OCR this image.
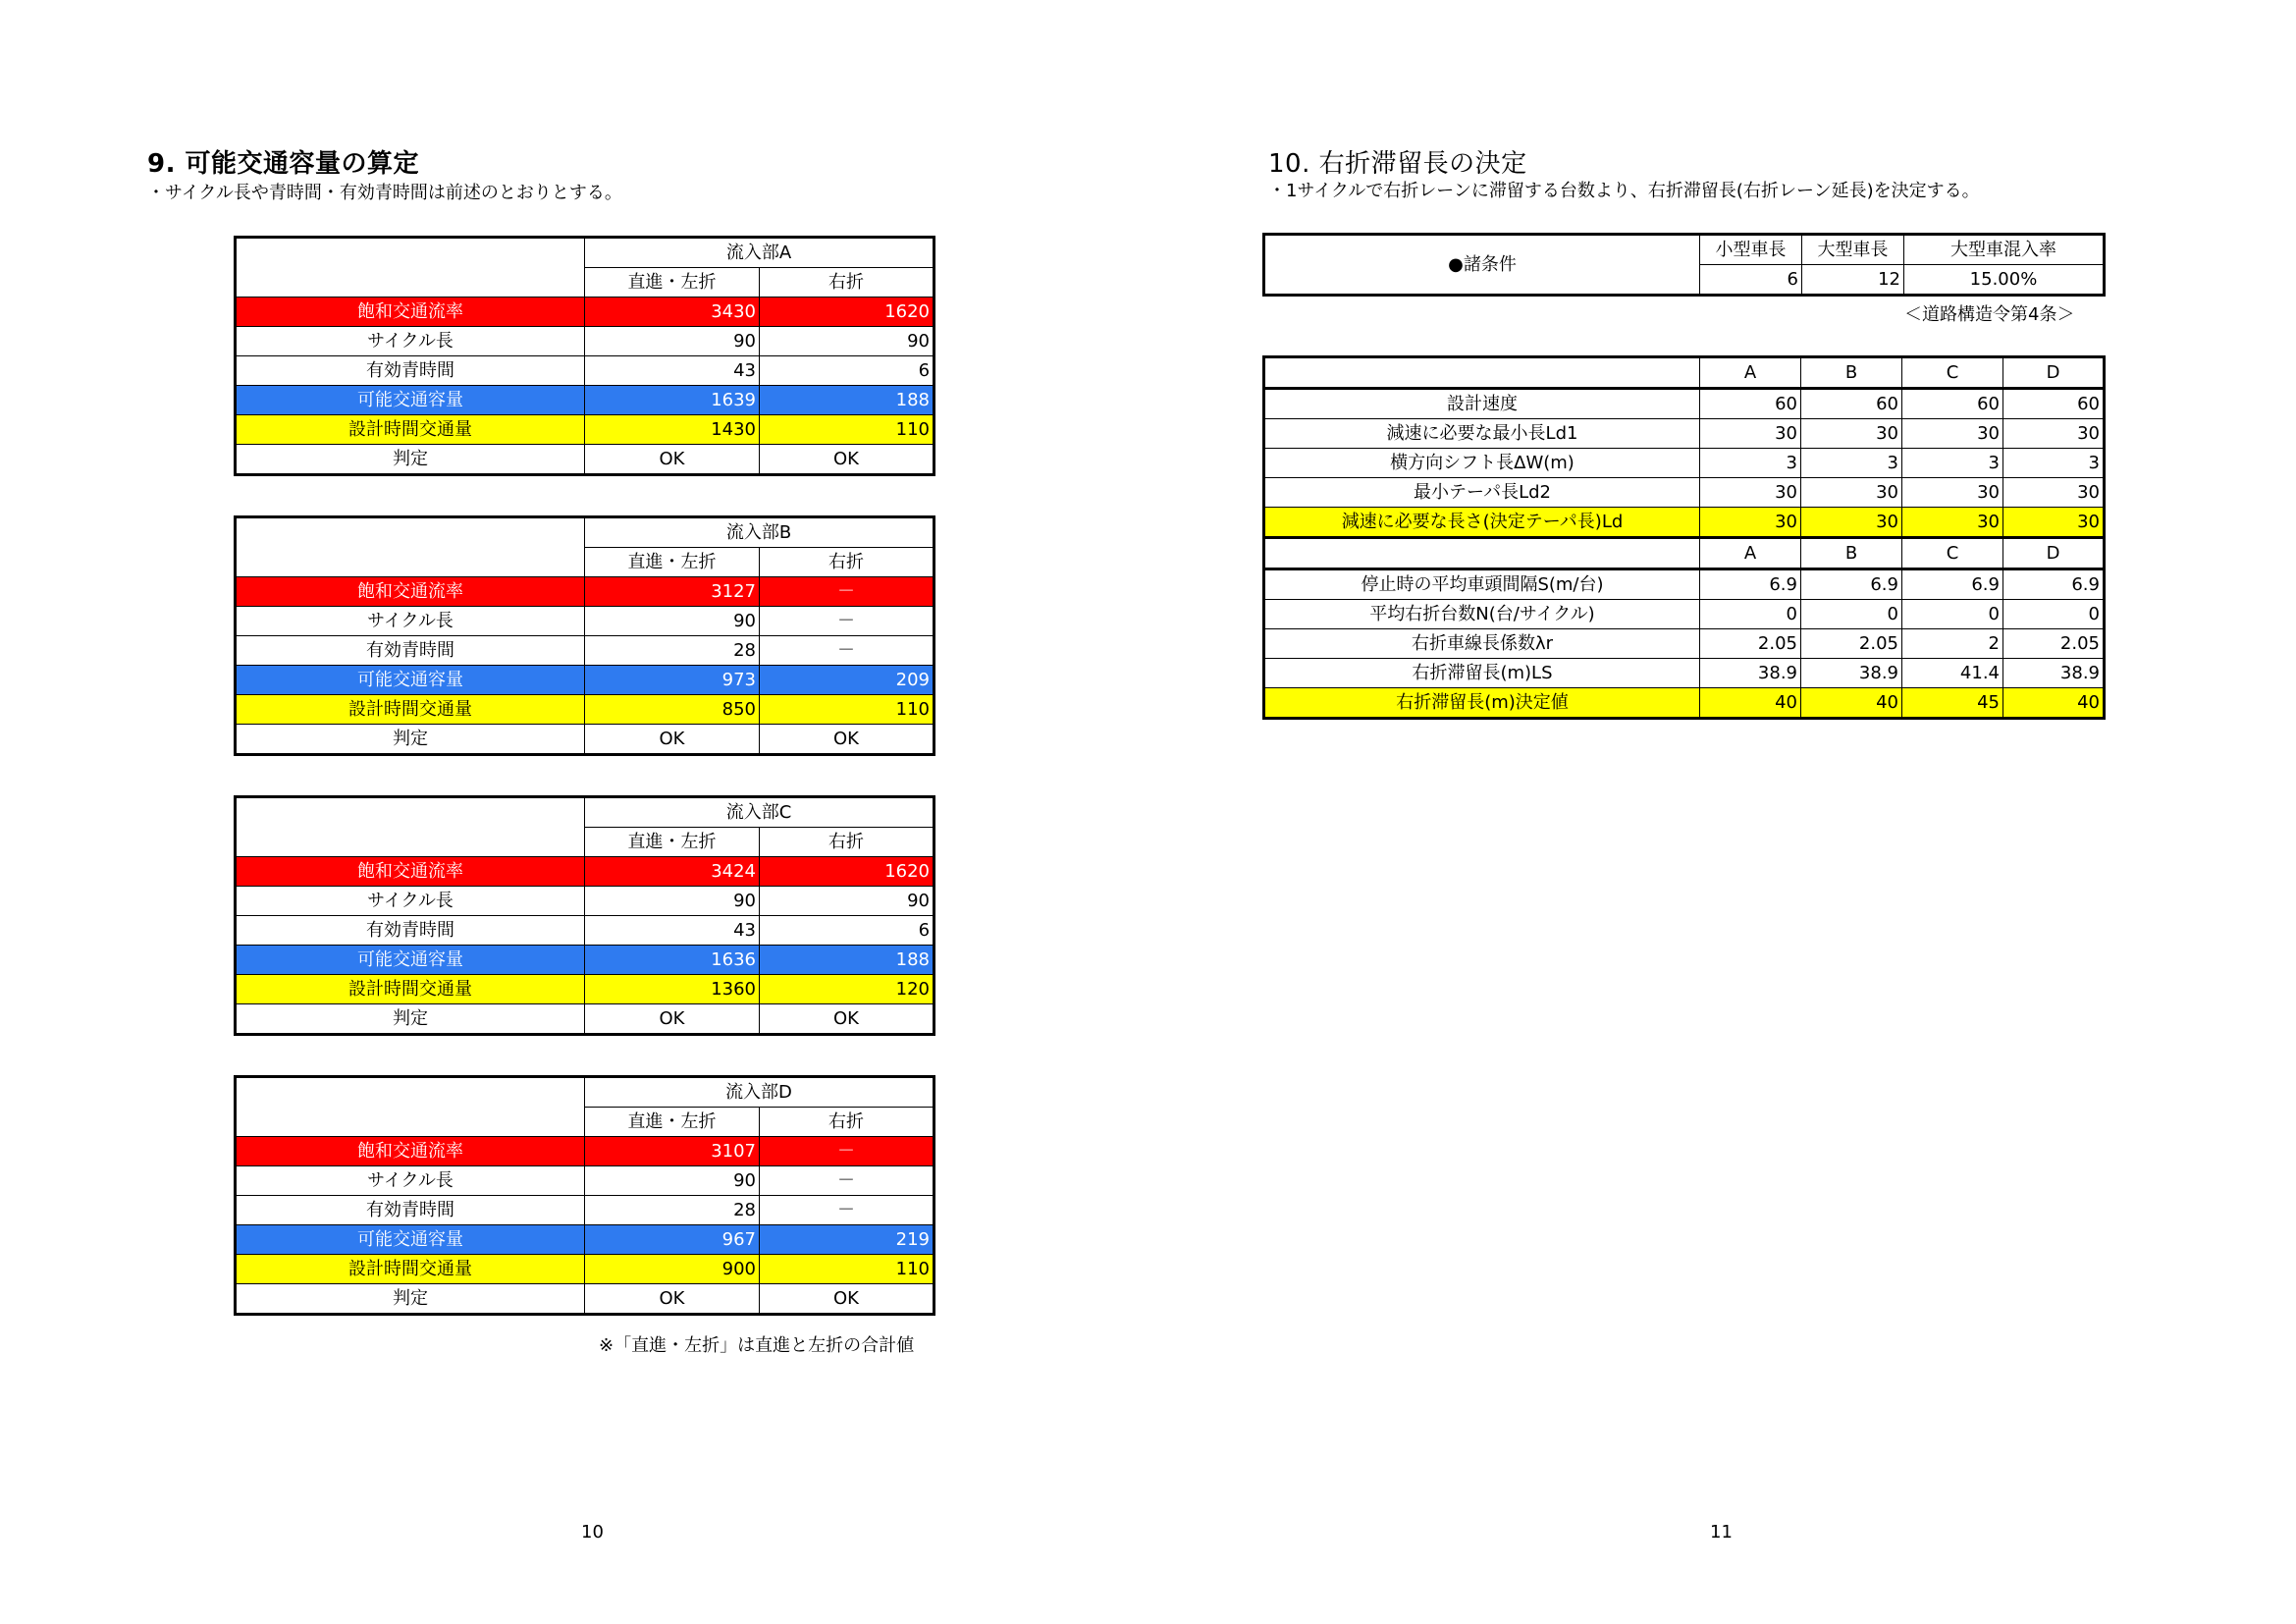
9. 可能交通容量の算定
・サイクル長や青時間・有効青時間は前述のとおりとする。
	流入部A	
	直進・左折	右折
飽和交通流率	3430	1620
サイクル長	90	90
有効青時間	43	6
可能交通容量	1639	188
設計時間交通量	1430	110
判定	OK	OK
	流入部B	
	直進・左折	右折
飽和交通流率	3127	－
サイクル長	90	－
有効青時間	28	－
可能交通容量	973	209
設計時間交通量	850	110
判定	OK	OK
	流入部C	
	直進・左折	右折
飽和交通流率	3424	1620
サイクル長	90	90
有効青時間	43	6
可能交通容量	1636	188
設計時間交通量	1360	120
判定	OK	OK
	流入部D	
	直進・左折	右折
飽和交通流率	3107	－
サイクル長	90	－
有効青時間	28	－
可能交通容量	967	219
設計時間交通量	900	110
判定	OK	OK
※「直進・左折」は直進と左折の合計値
10
10. 右折滞留長の決定
・1サイクルで右折レーンに滞留する台数より、右折滞留長(右折レーン延長)を決定する。
●諸条件	小型車長	大型車長	大型車混入率
	6	12	15.00%
＜道路構造令第4条＞
	A	B	C	D
設計速度	60	60	60	60
減速に必要な最小長Ld1	30	30	30	30
横方向シフト長ΔW(m)	3	3	3	3
最小テーパ長Ld2	30	30	30	30
減速に必要な長さ(決定テーパ長)Ld	30	30	30	30
	A	B	C	D
停止時の平均車頭間隔S(m/台)	6.9	6.9	6.9	6.9
平均右折台数N(台/サイクル)	0	0	0	0
右折車線長係数λr	2.05	2.05	2	2.05
右折滞留長(m)LS	38.9	38.9	41.4	38.9
右折滞留長(m)決定値	40	40	45	40
11
